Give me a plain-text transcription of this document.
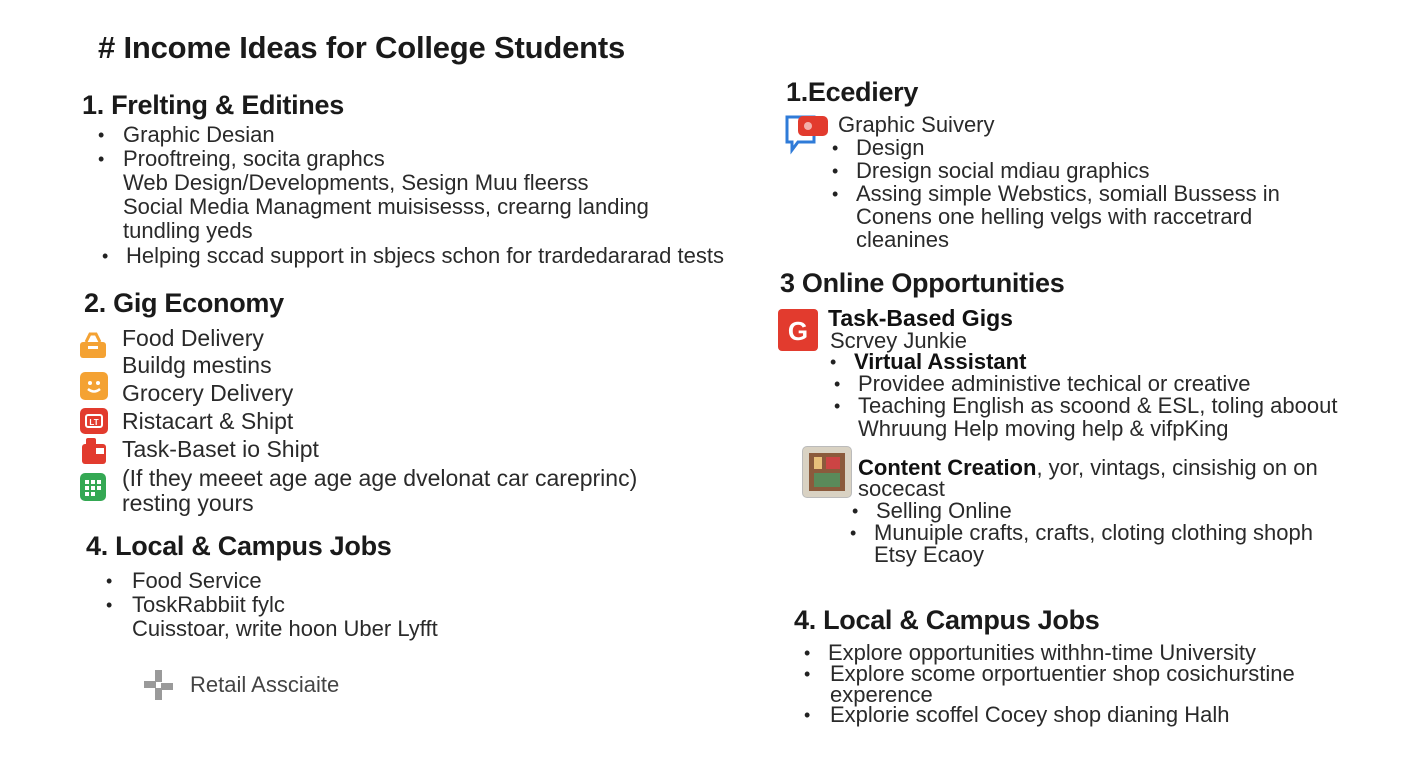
# Income Ideas for College Students
1. Frelting & Editines
• Graphic Desian
• Prooftreing, socita graphcs
Web Design/Developments, Sesign Muu fleerss
Social Media Managment muisisesss, crearng landing
tundling yeds
• Helping sccad support in sbjecs schon for trardedararad tests
2. Gig Economy
Food Delivery
Buildg mestins
Grocery Delivery
LT Ristacart & Shipt
Task-Baset io Shipt
(If they meeet age age age dvelonat car careprinc)
resting yours
4. Local & Campus Jobs
• Food Service
• ToskRabbiit fylc
Cuisstoar, write hoon Uber Lyfft
Retail Assciaite
1.Ecediery
Graphic Suivery
• Design
• Dresign social mdiau graphics
• Assing simple Webstics, somiall Bussess in
Conens one helling velgs with raccetrard
cleanines
3 Online Opportunities
G Task-Based Gigs
Scrvey Junkie
• Virtual Assistant
• Providee administive techical or creative
• Teaching English as scoond & ESL, toling aboout
Whruung Help moving help & vifpKing
Content Creation, yor, vintags, cinsishig on on
socecast
• Selling Online
• Munuiple crafts, crafts, cloting clothing shoph
Etsy Ecaoy
4. Local & Campus Jobs
• Explore opportunities withhn-time University
• Explore scome orportuentier shop cosichurstine
experence
• Explorie scoffel Cocey shop dianing Halh
